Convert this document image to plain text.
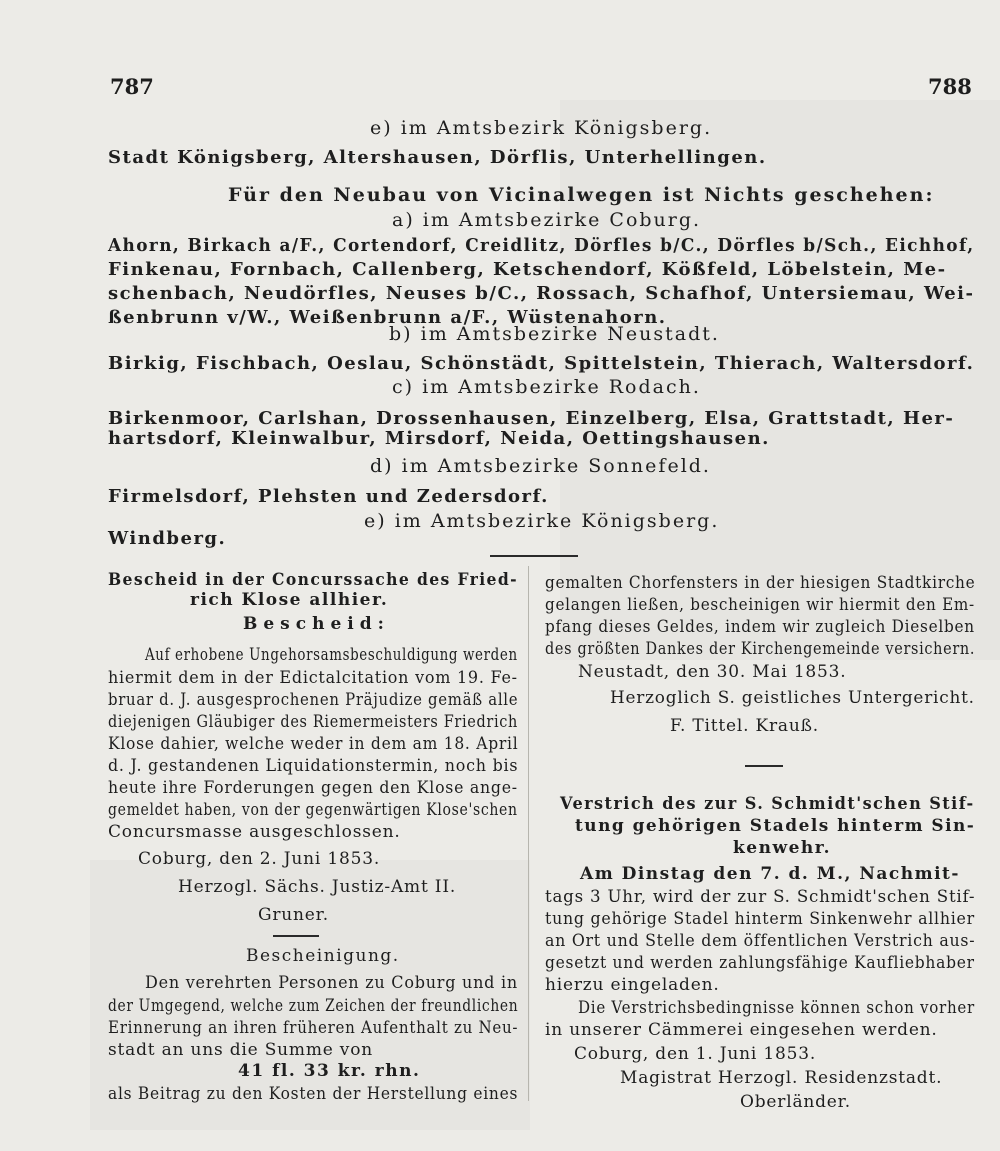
787	788
e) im Amtsbezirk Königsberg.
Stadt Königsberg, Altershausen, Dörflis, Unterhellingen.
Für den Neubau von Vicinalwegen ist Nichts geschehen:
a) im Amtsbezirke Coburg.
Ahorn, Birkach a/F., Cortendorf, Creidlitz, Dörfles b/C., Dörfles b/Sch., Eichhof,
Finkenau, Fornbach, Callenberg, Ketschendorf, Kößfeld, Löbelstein, Me-
schenbach, Neudörfles, Neuses b/C., Rossach, Schafhof, Untersiemau, Wei-
ßenbrunn v/W., Weißenbrunn a/F., Wüstenahorn.
b) im Amtsbezirke Neustadt.
Birkig, Fischbach, Oeslau, Schönstädt, Spittelstein, Thierach, Waltersdorf.
c) im Amtsbezirke Rodach.
Birkenmoor, Carlshan, Drossenhausen, Einzelberg, Elsa, Grattstadt, Her-
hartsdorf, Kleinwalbur, Mirsdorf, Neida, Oettingshausen.
d) im Amtsbezirke Sonnefeld.
Firmelsdorf, Plehsten und Zedersdorf.
e) im Amtsbezirke Königsberg.
Windberg.
Bescheid in der Concurssache des Fried-
rich Klose allhier.
Bescheid:
Auf erhobene Ungehorsamsbeschuldigung werden
hiermit dem in der Edictalcitation vom 19. Fe-
bruar d. J. ausgesprochenen Präjudize gemäß alle
diejenigen Gläubiger des Riemermeisters Friedrich
Klose dahier, welche weder in dem am 18. April
d. J. gestandenen Liquidationstermin, noch bis
heute ihre Forderungen gegen den Klose ange-
gemeldet haben, von der gegenwärtigen Klose'schen
Concursmasse ausgeschlossen.
Coburg, den 2. Juni 1853.
Herzogl. Sächs. Justiz-Amt II.
Gruner.
Bescheinigung.
Den verehrten Personen zu Coburg und in
der Umgegend, welche zum Zeichen der freundlichen
Erinnerung an ihren früheren Aufenthalt zu Neu-
stadt an uns die Summe von
41 fl. 33 kr. rhn.
als Beitrag zu den Kosten der Herstellung eines
gemalten Chorfensters in der hiesigen Stadtkirche
gelangen ließen, bescheinigen wir hiermit den Em-
pfang dieses Geldes, indem wir zugleich Dieselben
des größten Dankes der Kirchengemeinde versichern.
Neustadt, den 30. Mai 1853.
Herzoglich S. geistliches Untergericht.
F. Tittel. Krauß.
Verstrich des zur S. Schmidt'schen Stif-
tung gehörigen Stadels hinterm Sin-
kenwehr.
Am Dinstag den 7. d. M., Nachmit-
tags 3 Uhr, wird der zur S. Schmidt'schen Stif-
tung gehörige Stadel hinterm Sinkenwehr allhier
an Ort und Stelle dem öffentlichen Verstrich aus-
gesetzt und werden zahlungsfähige Kaufliebhaber
hierzu eingeladen.
Die Verstrichsbedingnisse können schon vorher
in unserer Cämmerei eingesehen werden.
Coburg, den 1. Juni 1853.
Magistrat Herzogl. Residenzstadt.
Oberländer.
